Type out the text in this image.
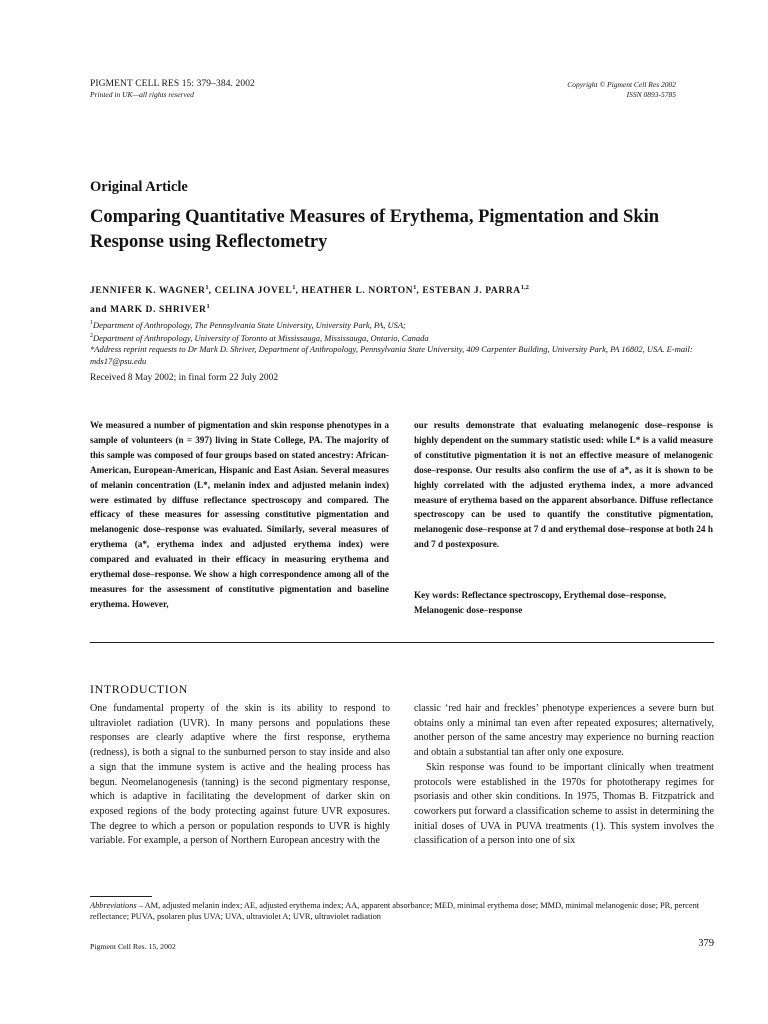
PIGMENT CELL RES 15: 379–384. 2002
Printed in UK—all rights reserved
Copyright © Pigment Cell Res 2002
ISSN 0893-5785
Original Article
Comparing Quantitative Measures of Erythema, Pigmentation and Skin
Response using Reflectometry
JENNIFER K. WAGNER$^1$, CELINA JOVEL$^1$, HEATHER L. NORTON$^1$, ESTEBAN J. PARRA$^{1,2}$
and MARK D. SHRIVER$^1$
$^1$Department of Anthropology, The Pennsylvania State University, University Park, PA, USA;
$^2$Department of Anthropology, University of Toronto at Mississauga, Mississauga, Ontario, Canada
*Address reprint requests to Dr Mark D. Shriver, Department of Anthropology, Pennsylvania State University, 409 Carpenter Building, University Park, PA 16802, USA. E-mail: mds17@psu.edu
Received 8 May 2002; in final form 22 July 2002
We measured a number of pigmentation and skin response phenotypes in a sample of volunteers (n = 397) living in State College, PA. The majority of this sample was composed of four groups based on stated ancestry: African-American, European-American, Hispanic and East Asian. Several measures of melanin concentration (L*, melanin index and adjusted melanin index) were estimated by diffuse reflectance spectroscopy and compared. The efficacy of these measures for assessing constitutive pigmentation and melanogenic dose–response was evaluated. Similarly, several measures of erythema (a*, erythema index and adjusted erythema index) were compared and evaluated in their efficacy in measuring erythema and erythemal dose–response. We show a high correspondence among all of the measures for the assessment of constitutive pigmentation and baseline erythema. However,
our results demonstrate that evaluating melanogenic dose–response is highly dependent on the summary statistic used: while L* is a valid measure of constitutive pigmentation it is not an effective measure of melanogenic dose–response. Our results also confirm the use of a*, as it is shown to be highly correlated with the adjusted erythema index, a more advanced measure of erythema based on the apparent absorbance. Diffuse reflectance spectroscopy can be used to quantify the constitutive pigmentation, melanogenic dose–response at 7 d and erythemal dose–response at both 24 h and 7 d postexposure.
Key words: Reflectance spectroscopy, Erythemal dose–response, Melanogenic dose–response
INTRODUCTION
One fundamental property of the skin is its ability to respond to ultraviolet radiation (UVR). In many persons and populations these responses are clearly adaptive where the first response, erythema (redness), is both a signal to the sunburned person to stay inside and also a sign that the immune system is active and the healing process has begun. Neomelanogenesis (tanning) is the second pigmentary response, which is adaptive in facilitating the development of darker skin on exposed regions of the body protecting against future UVR exposures. The degree to which a person or population responds to UVR is highly variable. For example, a person of Northern European ancestry with the

classic ‘red hair and freckles’ phenotype experiences a severe burn but obtains only a minimal tan even after repeated exposures; alternatively, another person of the same ancestry may experience no burning reaction and obtain a substantial tan after only one exposure.

Skin response was found to be important clinically when treatment protocols were established in the 1970s for phototherapy regimes for psoriasis and other skin conditions. In 1975, Thomas B. Fitzpatrick and coworkers put forward a classification scheme to assist in determining the initial doses of UVA in PUVA treatments (1). This system involves the classification of a person into one of six

Abbreviations – AM, adjusted melanin index; AE, adjusted erythema index; AA, apparent absorbance; MED, minimal erythema dose; MMD, minimal melanogenic dose; PR, percent reflectance; PUVA, psolaren plus UVA; UVA, ultraviolet A; UVR, ultraviolet radiation
Pigment Cell Res. 15, 2002	379
